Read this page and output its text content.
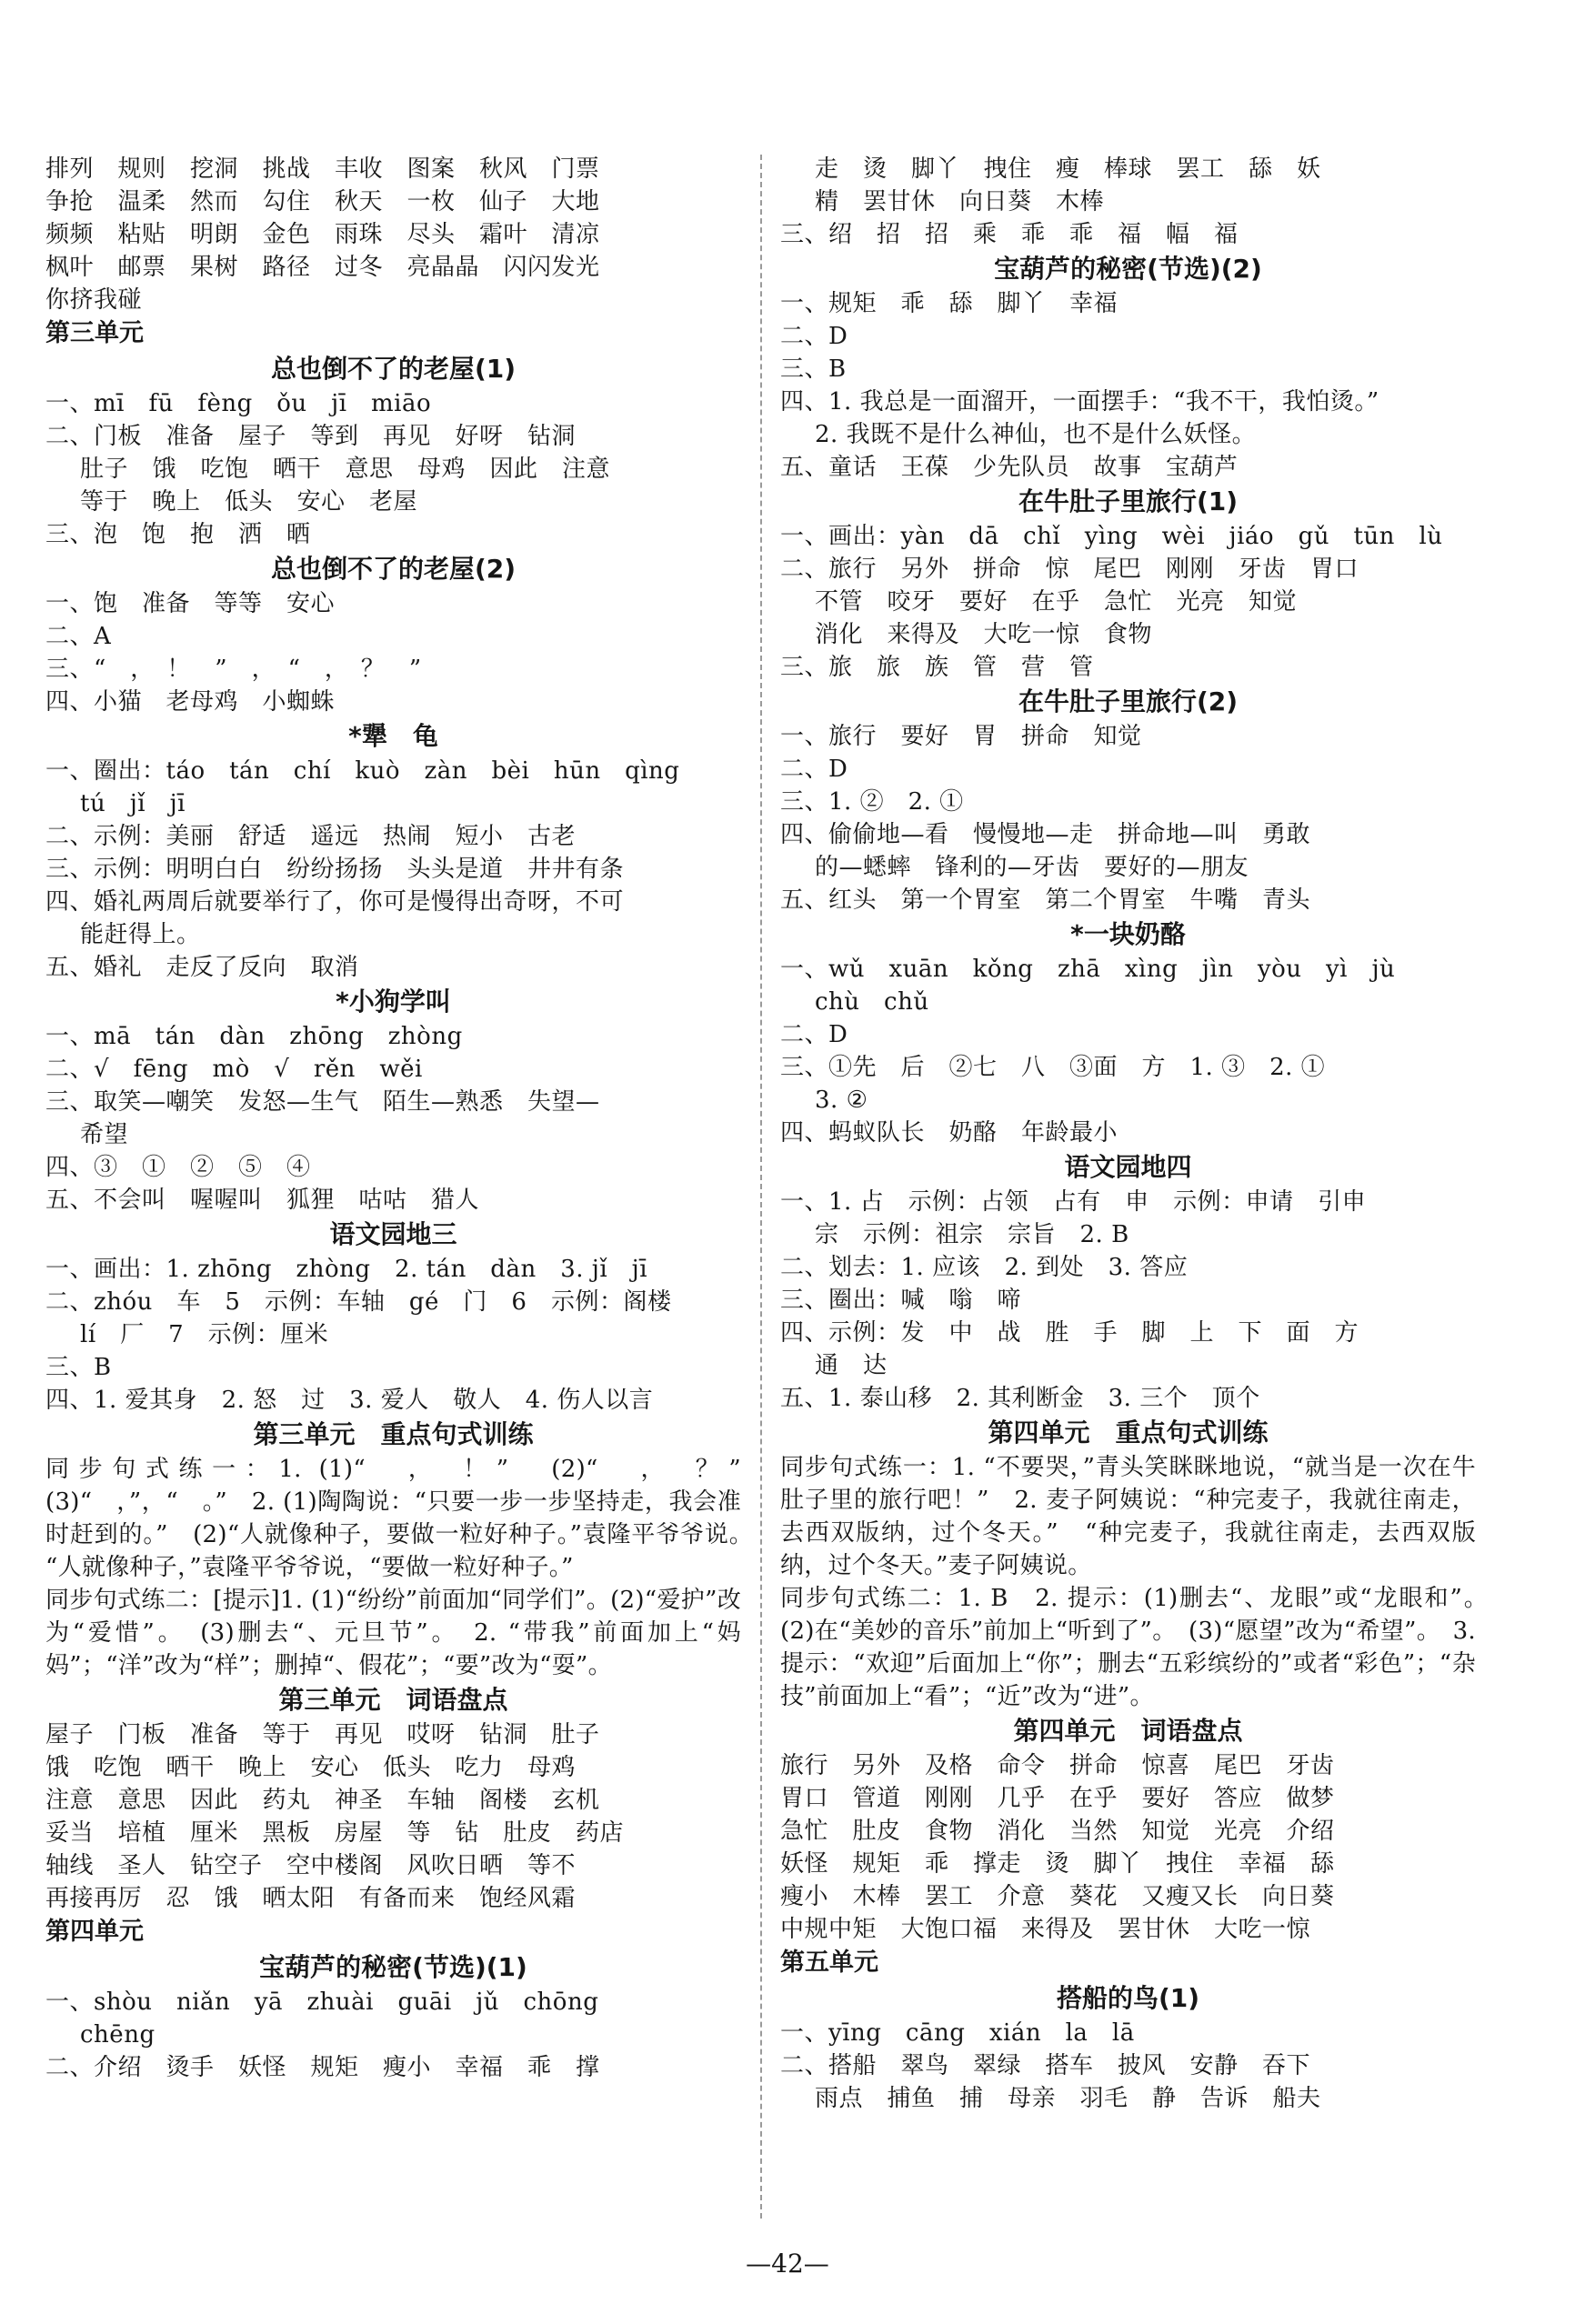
排列　规则　挖洞　挑战　丰收　图案　秋风　门票
争抢　温柔　然而　勾住　秋天　一枚　仙子　大地
频频　粘贴　明朗　金色　雨珠　尽头　霜叶　清凉
枫叶　邮票　果树　路径　过冬　亮晶晶　闪闪发光
你挤我碰
第三单元
总也倒不了的老屋(1)
一、mī　fū　fèng　ǒu　jī　miāo
二、门板　准备　屋子　等到　再见　好呀　钻洞
肚子　饿　吃饱　晒干　意思　母鸡　因此　注意
等于　晚上　低头　安心　老屋
三、泡　饱　抱　洒　晒
总也倒不了的老屋(2)
一、饱　准备　等等　安心
二、A
三、“　，　！　”　，　“　，　？　”
四、小猫　老母鸡　小蜘蛛
*犟　龟
一、圈出：táo　tán　chí　kuò　zàn　bèi　hūn　qìng
tú　jǐ　jī
二、示例：美丽　舒适　遥远　热闹　短小　古老
三、示例：明明白白　纷纷扬扬　头头是道　井井有条
四、婚礼两周后就要举行了，你可是慢得出奇呀，不可
能赶得上。
五、婚礼　走反了反向　取消
*小狗学叫
一、mā　tán　dàn　zhōng　zhòng
二、√　fēng　mò　√　rěn　wěi
三、取笑—嘲笑　发怒—生气　陌生—熟悉　失望—
希望
四、③　①　②　⑤　④
五、不会叫　喔喔叫　狐狸　咕咕　猎人
语文园地三
一、画出：1. zhōng　zhòng　2. tán　dàn　3. jǐ　jī
二、zhóu　车　5　示例：车轴　gé　门　6　示例：阁楼
lí　厂　7　示例：厘米
三、B
四、1. 爱其身　2. 怒　过　3. 爱人　敬人　4. 伤人以言
第三单元　重点句式训练
同步句式练一：1. (1)“　，　！”　(2)“　，　？”　(3)“　，”，“　。”　2. (1)陶陶说：“只要一步一步坚持走，我会准时赶到的。”　(2)“人就像种子，要做一粒好种子。”袁隆平爷爷说。　“人就像种子，”袁隆平爷爷说，“要做一粒好种子。”
同步句式练二：[提示]1. (1)“纷纷”前面加“同学们”。(2)“爱护”改为“爱惜”。　(3)删去“、元旦节”。　2. “带我”前面加上“妈妈”；“洋”改为“样”；删掉“、假花”；“要”改为“耍”。
第三单元　词语盘点
屋子　门板　准备　等于　再见　哎呀　钻洞　肚子
饿　吃饱　晒干　晚上　安心　低头　吃力　母鸡
注意　意思　因此　药丸　神圣　车轴　阁楼　玄机
妥当　培植　厘米　黑板　房屋　等　钻　肚皮　药店
轴线　圣人　钻空子　空中楼阁　风吹日晒　等不
再接再厉　忍　饿　晒太阳　有备而来　饱经风霜
第四单元
宝葫芦的秘密(节选)(1)
一、shòu　niǎn　yā　zhuài　guāi　jǔ　chōng
chēng
二、介绍　烫手　妖怪　规矩　瘦小　幸福　乖　撑
走　烫　脚丫　拽住　瘦　棒球　罢工　舔　妖
精　罢甘休　向日葵　木棒
三、绍　招　招　乘　乖　乖　福　幅　福
宝葫芦的秘密(节选)(2)
一、规矩　乖　舔　脚丫　幸福
二、D
三、B
四、1. 我总是一面溜开，一面摆手：“我不干，我怕烫。”
2. 我既不是什么神仙，也不是什么妖怪。
五、童话　王葆　少先队员　故事　宝葫芦
在牛肚子里旅行(1)
一、画出：yàn　dā　chǐ　yìng　wèi　jiáo　gǔ　tūn　lù
二、旅行　另外　拼命　惊　尾巴　刚刚　牙齿　胃口
不管　咬牙　要好　在乎　急忙　光亮　知觉
消化　来得及　大吃一惊　食物
三、旅　旅　族　管　营　管
在牛肚子里旅行(2)
一、旅行　要好　胃　拼命　知觉
二、D
三、1. ②　2. ①
四、偷偷地—看　慢慢地—走　拼命地—叫　勇敢
的—蟋蟀　锋利的—牙齿　要好的—朋友
五、红头　第一个胃室　第二个胃室　牛嘴　青头
*一块奶酪
一、wǔ　xuān　kǒng　zhā　xìng　jìn　yòu　yì　jù
chù　chǔ
二、D
三、①先　后　②七　八　③面　方　1. ③　2. ①
3. ②
四、蚂蚁队长　奶酪　年龄最小
语文园地四
一、1. 占　示例：占领　占有　申　示例：申请　引申
宗　示例：祖宗　宗旨　2. B
二、划去：1. 应该　2. 到处　3. 答应
三、圈出：喊　嗡　啼
四、示例：发　中　战　胜　手　脚　上　下　面　方
通　达
五、1. 泰山移　2. 其利断金　3. 三个　顶个
第四单元　重点句式训练
同步句式练一：1. “不要哭，”青头笑眯眯地说，“就当是一次在牛肚子里的旅行吧！”　2. 麦子阿姨说：“种完麦子，我就往南走，去西双版纳，过个冬天。”　“种完麦子，我就往南走，去西双版纳，过个冬天。”麦子阿姨说。
同步句式练二：1. B　2. 提示：(1)删去“、龙眼”或“龙眼和”。　(2)在“美妙的音乐”前加上“听到了”。　(3)“愿望”改为“希望”。　3. 提示：“欢迎”后面加上“你”；删去“五彩缤纷的”或者“彩色”；“杂技”前面加上“看”；“近”改为“进”。
第四单元　词语盘点
旅行　另外　及格　命令　拼命　惊喜　尾巴　牙齿
胃口　管道　刚刚　几乎　在乎　要好　答应　做梦
急忙　肚皮　食物　消化　当然　知觉　光亮　介绍
妖怪　规矩　乖　撑走　烫　脚丫　拽住　幸福　舔
瘦小　木棒　罢工　介意　葵花　又瘦又长　向日葵
中规中矩　大饱口福　来得及　罢甘休　大吃一惊
第五单元
搭船的鸟(1)
一、yīng　cāng　xián　la　lā
二、搭船　翠鸟　翠绿　搭车　披风　安静　吞下
雨点　捕鱼　捕　母亲　羽毛　静　告诉　船夫
—42—
